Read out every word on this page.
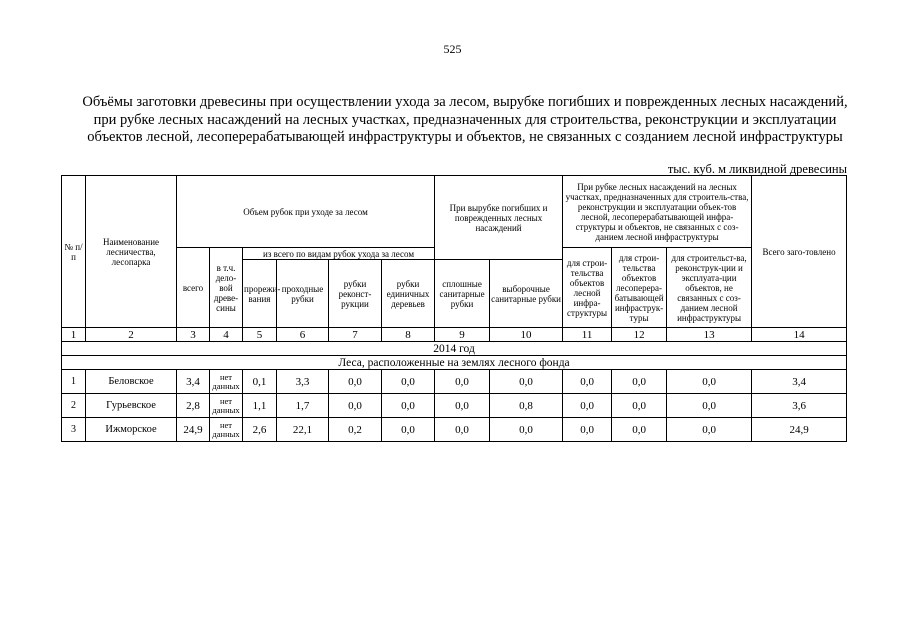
525
Объёмы заготовки древесины при осуществлении ухода за лесом, вырубке погибших и поврежденных лесных насаждений, при рубке лесных насаждений на лесных участках, предназначенных для строительства, реконструкции и эксплуатации объектов лесной, лесоперерабатывающей инфраструктуры и объектов, не связанных с созданием лесной инфраструктуры
тыс. куб. м ликвидной древесины
№ п/п	Наименование лесничества, лесопарка	Объем рубок при уходе за лесом						При вырубке погибших и поврежденных лесных насаждений		При рубке лесных насаждений на лесных участках, предназначенных для строитель-ства, реконструкции и эксплуатации объек-тов лесной, лесоперерабатывающей инфра-структуры и объектов, не связанных с соз-данием лесной инфраструктуры			Всего заго-товлено
		всего	в т.ч. дело-вой древе-сины	из всего по видам рубок ухода за лесом						для строи-тельства объектов лесной инфра-структуры	для строи-тельства объектов лесоперера-батывающей инфраструк-туры	для строительст-ва, реконструк-ции и эксплуата-ции объектов, не связанных с соз-данием лесной инфраструктуры	
				прорежи-вания	проходные рубки	рубки реконст-рукции	рубки единичных деревьев	сплошные санитарные рубки	выборочные санитарные рубки				
1	2	3	4	5	6	7	8	9	10	11	12	13	14
2014 год													
Леса, расположенные на землях лесного фонда													
1	Беловское	3,4	нет данных	0,1	3,3	0,0	0,0	0,0	0,0	0,0	0,0	0,0	3,4
2	Гурьевское	2,8	нет данных	1,1	1,7	0,0	0,0	0,0	0,8	0,0	0,0	0,0	3,6
3	Ижморское	24,9	нет данных	2,6	22,1	0,2	0,0	0,0	0,0	0,0	0,0	0,0	24,9
